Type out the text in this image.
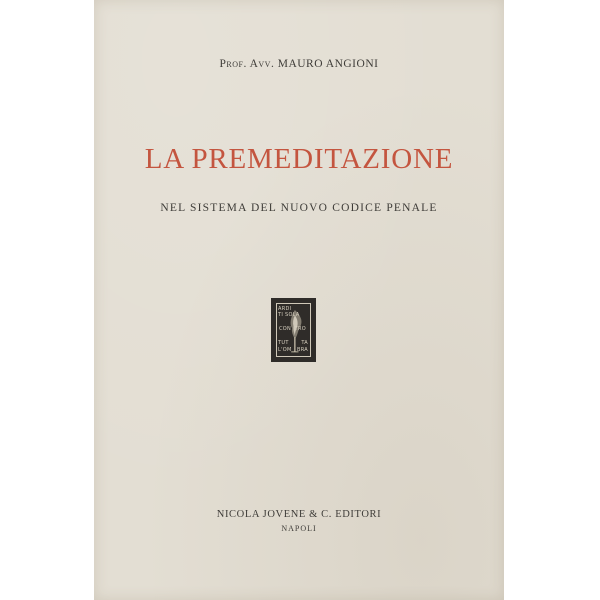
Prof. Avv. MAURO ANGIONI
LA PREMEDITAZIONE
NEL SISTEMA DEL NUOVO CODICE PENALE
ARDI
TI SOLA
CON TRO
TUT	TA
L'OM	BRA
NICOLA JOVENE & C. EDITORI
NAPOLI
